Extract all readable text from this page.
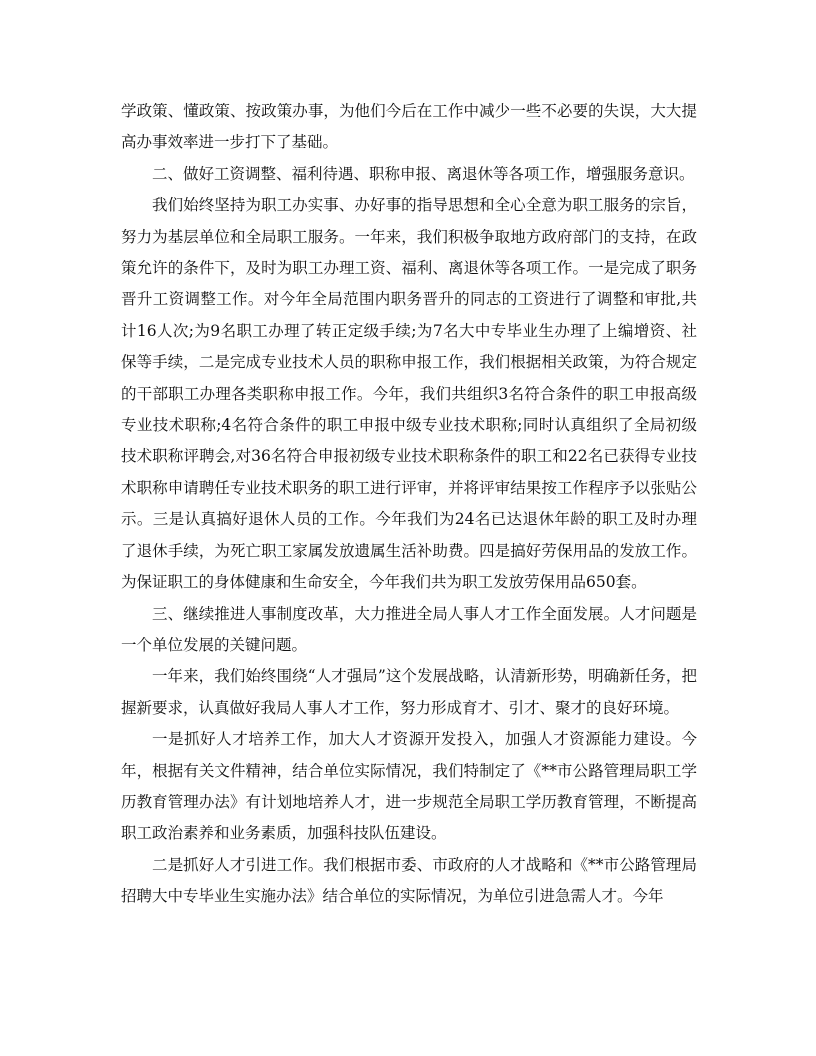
学政策、懂政策、按政策办事，为他们今后在工作中减少一些不必要的失误，大大提高办事效率进一步打下了基础。

二、做好工资调整、福利待遇、职称申报、离退休等各项工作，增强服务意识。

我们始终坚持为职工办实事、办好事的指导思想和全心全意为职工服务的宗旨，努力为基层单位和全局职工服务。一年来，我们积极争取地方政府部门的支持，在政策允许的条件下，及时为职工办理工资、福利、离退休等各项工作。一是完成了职务晋升工资调整工作。对今年全局范围内职务晋升的同志的工资进行了调整和审批,共计16人次;为9名职工办理了转正定级手续;为7名大中专毕业生办理了上编增资、社保等手续，二是完成专业技术人员的职称申报工作，我们根据相关政策，为符合规定的干部职工办理各类职称申报工作。今年，我们共组织3名符合条件的职工申报高级专业技术职称;4名符合条件的职工申报中级专业技术职称;同时认真组织了全局初级技术职称评聘会,对36名符合申报初级专业技术职称条件的职工和22名已获得专业技术职称申请聘任专业技术职务的职工进行评审，并将评审结果按工作程序予以张贴公示。三是认真搞好退休人员的工作。今年我们为24名已达退休年龄的职工及时办理了退休手续，为死亡职工家属发放遗属生活补助费。四是搞好劳保用品的发放工作。为保证职工的身体健康和生命安全，今年我们共为职工发放劳保用品650套。

三、继续推进人事制度改革，大力推进全局人事人才工作全面发展。人才问题是一个单位发展的关键问题。

一年来，我们始终围绕“人才强局”这个发展战略，认清新形势，明确新任务，把握新要求，认真做好我局人事人才工作，努力形成育才、引才、聚才的良好环境。

一是抓好人才培养工作，加大人才资源开发投入，加强人才资源能力建设。今年，根据有关文件精神，结合单位实际情况，我们特制定了《**市公路管理局职工学历教育管理办法》有计划地培养人才，进一步规范全局职工学历教育管理，不断提高职工政治素养和业务素质，加强科技队伍建设。

二是抓好人才引进工作。我们根据市委、市政府的人才战略和《**市公路管理局招聘大中专毕业生实施办法》结合单位的实际情况，为单位引进急需人才。今年
